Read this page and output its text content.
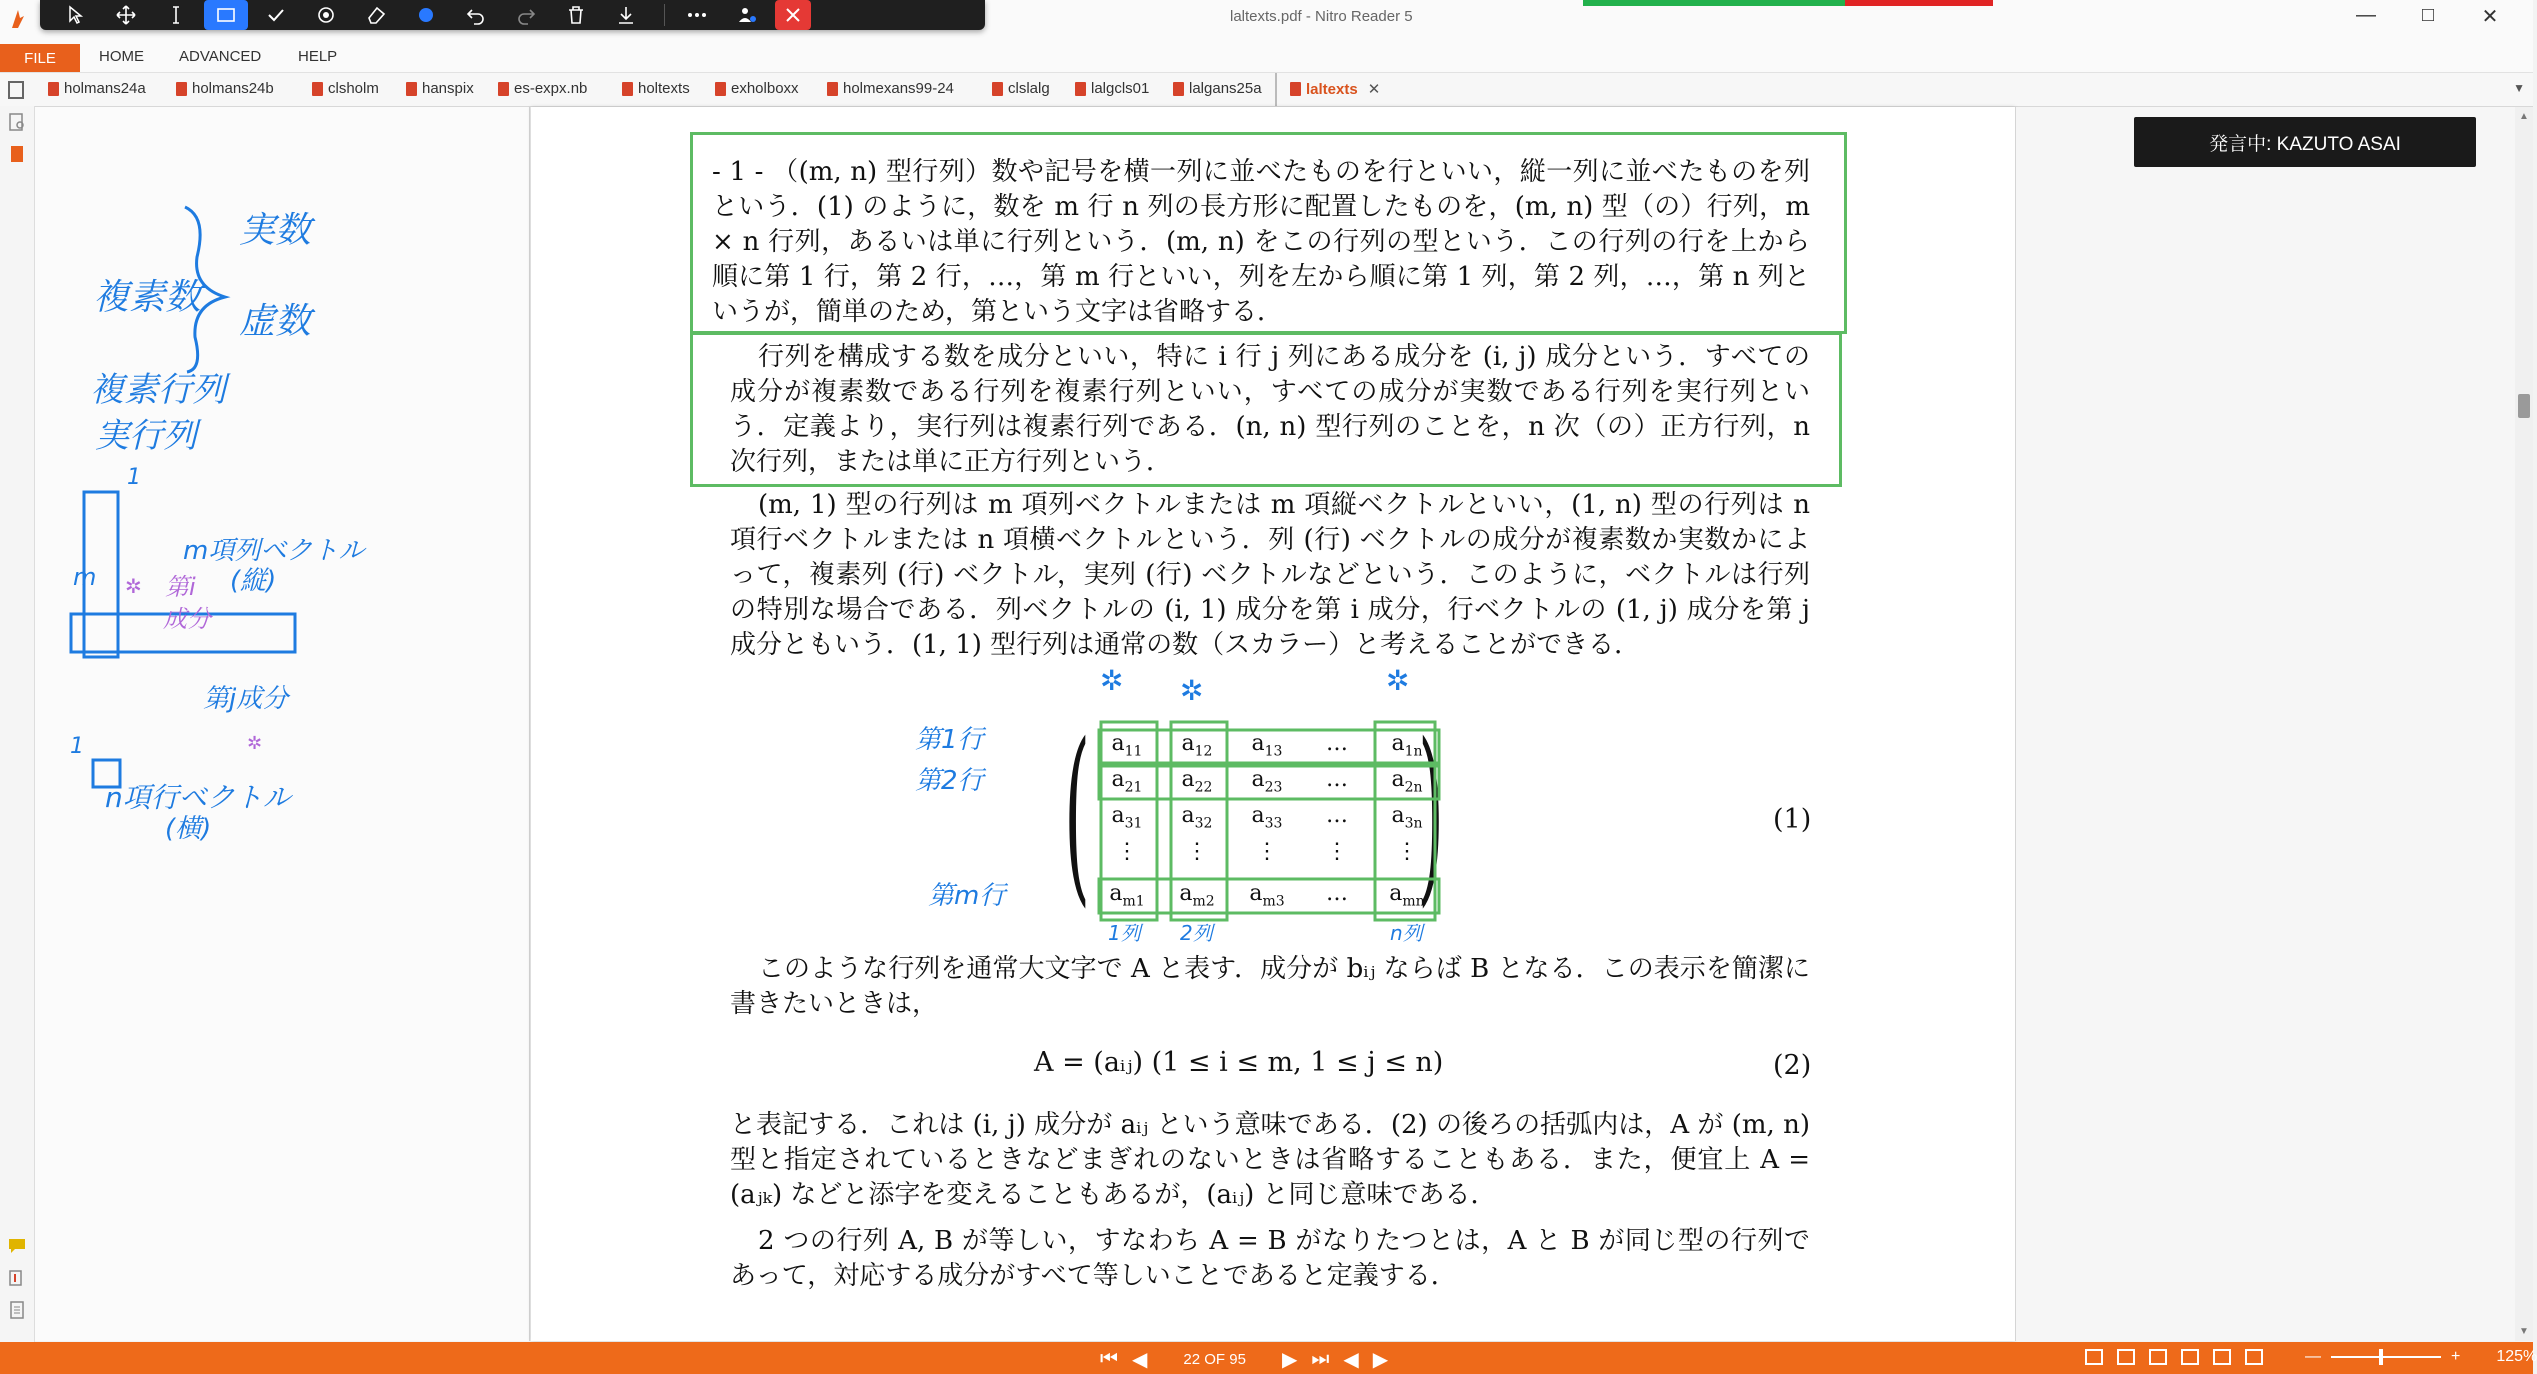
laltexts.pdf - Nitro Reader 5	—	□	✕
FILE	HOME ADVANCED HELP
holmans24a	holmans24b	clsholm	hanspix	es-expx.nb	holtexts	exholboxx	holmexans99-24	clslalg	lalgcls01	lalgans25a	laltexts ✕	▼
複素数
実数
虚数
複素行列
実行列
1
m
m項列ベクトル
(縦)
1
第j成分
n項行ベクトル
(横)
✲ 第i
成分
✲
- 1 - （(m, n) 型行列）数や記号を横一列に並べたものを行といい，縦一列に並べたものを列という．(1) のように，数を m 行 n 列の長方形に配置したものを，(m, n) 型（の）行列，m × n 行列，あるいは単に行列という．(m, n) をこの行列の型という．この行列の行を上から順に第 1 行，第 2 行，…，第 m 行といい，列を左から順に第 1 列，第 2 列，…，第 n 列というが，簡単のため，第という文字は省略する．
行列を構成する数を成分といい，特に i 行 j 列にある成分を (i, j) 成分という．すべての成分が複素数である行列を複素行列といい，すべての成分が実数である行列を実行列という．定義より，実行列は複素行列である．(n, n) 型行列のことを，n 次（の）正方行列，n 次行列，または単に正方行列という．
(m, 1) 型の行列は m 項列ベクトルまたは m 項縦ベクトルといい，(1, n) 型の行列は n 項行ベクトルまたは n 項横ベクトルという．列 (行) ベクトルの成分が複素数か実数かによって，複素列 (行) ベクトル，実列 (行) ベクトルなどという．このように，ベクトルは行列の特別な場合である．列ベクトルの (i, 1) 成分を第 i 成分，行ベクトルの (1, j) 成分を第 j 成分ともいう．(1, 1) 型行列は通常の数（スカラー）と考えることができる．
( )
$a_{11}$	$a_{12}$	$a_{13}$	…	$a_{1n}$
$a_{21}$	$a_{22}$	$a_{23}$	…	$a_{2n}$
$a_{31}$	$a_{32}$	$a_{33}$	…	$a_{3n}$
⋮	⋮	⋮	⋮	⋮
$a_{m1}$	$a_{m2}$	$a_{m3}$	…	$a_{mn}$
第1行
第2行
第m行
1列 2列	n列
✲ ✲	✲
(1)
このような行列を通常大文字で A と表す．成分が bᵢⱼ ならば B となる．この表示を簡潔に書きたいときは，
A = (aᵢⱼ) (1 ≤ i ≤ m, 1 ≤ j ≤ n)	(2)
と表記する．これは (i, j) 成分が aᵢⱼ という意味である．(2) の後ろの括弧内は，A が (m, n) 型と指定されているときなどまぎれのないときは省略することもある．また，便宜上 A = (aⱼₖ) などと添字を変えることもあるが，(aᵢⱼ) と同じ意味である．
2 つの行列 A, B が等しい，すなわち A = B がなりたつとは，A と B が同じ型の行列であって，対応する成分がすべて等しいことであると定義する．
発言中: KAZUTO ASAI
▲
▼
⏮ ◀ 22 OF 95 ▶ ⏭ ◀ ▶	—	+ 125%
